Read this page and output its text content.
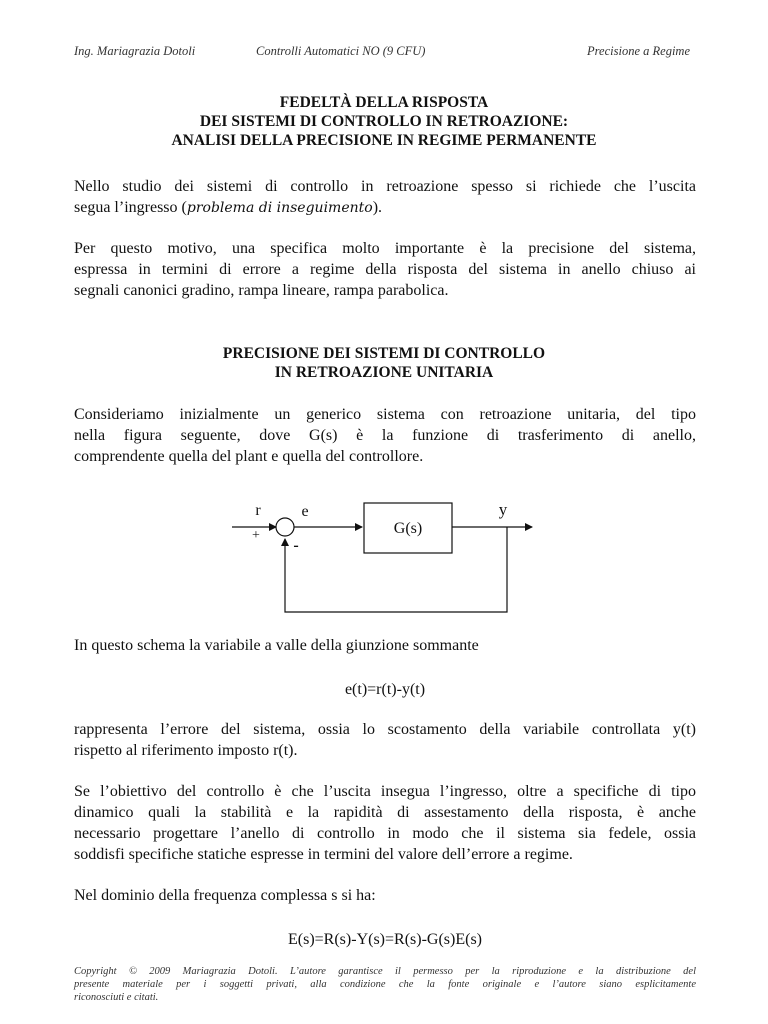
Ing. Mariagrazia Dotoli	Controlli Automatici NO (9 CFU)	Precisione a Regime
FEDELTÀ DELLA RISPOSTA
DEI SISTEMI DI CONTROLLO IN RETROAZIONE:
ANALISI DELLA PRECISIONE IN REGIME PERMANENTE
Nello studio dei sistemi di controllo in retroazione spesso si richiede che l’uscita
segua l’ingresso (problema di inseguimento).
Per questo motivo, una specifica molto importante è la precisione del sistema,
espressa in termini di errore a regime della risposta del sistema in anello chiuso ai
segnali canonici gradino, rampa lineare, rampa parabolica.
PRECISIONE DEI SISTEMI DI CONTROLLO
IN RETROAZIONE UNITARIA
Consideriamo inizialmente un generico sistema con retroazione unitaria, del tipo
nella figura seguente, dove G(s) è la funzione di trasferimento di anello,
comprendente quella del plant e quella del controllore.
G(s)
r	e	y
+
-
In questo schema la variabile a valle della giunzione sommante
e(t)=r(t)-y(t)
rappresenta l’errore del sistema, ossia lo scostamento della variabile controllata y(t)
rispetto al riferimento imposto r(t).
Se l’obiettivo del controllo è che l’uscita insegua l’ingresso, oltre a specifiche di tipo
dinamico quali la stabilità e la rapidità di assestamento della risposta, è anche
necessario progettare l’anello di controllo in modo che il sistema sia fedele, ossia
soddisfi specifiche statiche espresse in termini del valore dell’errore a regime.
Nel dominio della frequenza complessa s si ha:
E(s)=R(s)-Y(s)=R(s)-G(s)E(s)
Copyright © 2009 Mariagrazia Dotoli. L’autore garantisce il permesso per la riproduzione e la distribuzione del
presente materiale per i soggetti privati, alla condizione che la fonte originale e l’autore siano esplicitamente
riconosciuti e citati.
